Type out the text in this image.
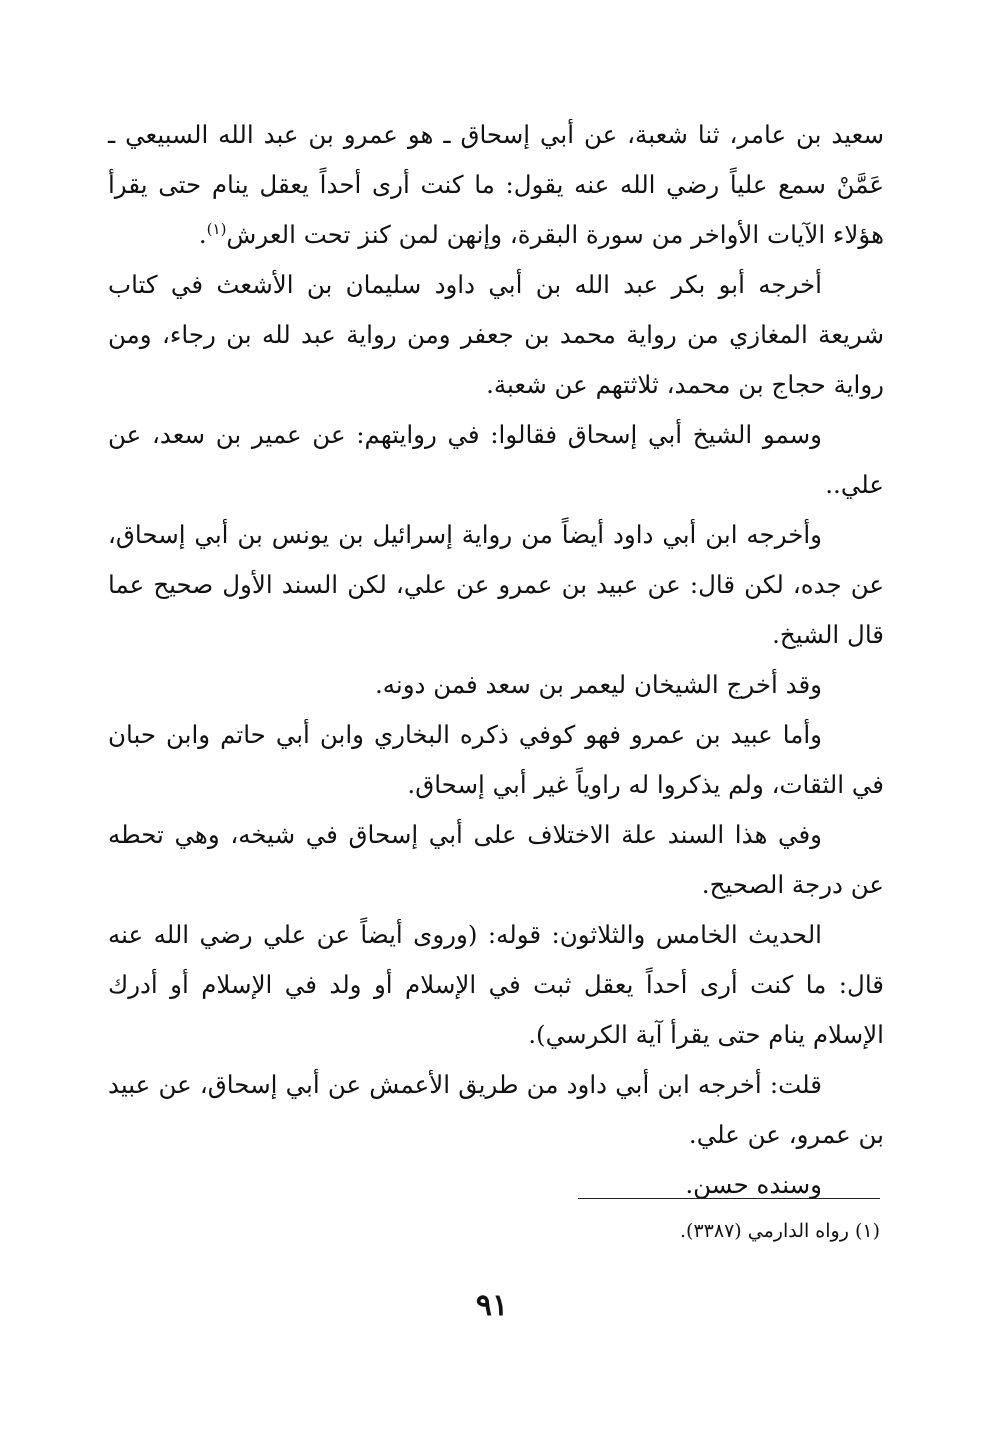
سعيد بن عامر، ثنا شعبة، عن أبي إسحاق ـ هو عمرو بن عبد الله السبيعي ـ عَمَّنْ سمع علياً رضي الله عنه يقول: ما كنت أرى أحداً يعقل ينام حتى يقرأ هؤلاء الآيات الأواخر من سورة البقرة، وإنهن لمن كنز تحت العرش$^{(١)}$.

أخرجه أبو بكر عبد الله بن أبي داود سليمان بن الأشعث في كتاب شريعة المغازي من رواية محمد بن جعفر ومن رواية عبد لله بن رجاء، ومن رواية حجاج بن محمد، ثلاثتهم عن شعبة.

وسمو الشيخ أبي إسحاق فقالوا: في روايتهم: عن عمير بن سعد، عن علي..

وأخرجه ابن أبي داود أيضاً من رواية إسرائيل بن يونس بن أبي إسحاق، عن جده، لكن قال: عن عبيد بن عمرو عن علي، لكن السند الأول صحيح عما قال الشيخ.

وقد أخرج الشيخان ليعمر بن سعد فمن دونه.

وأما عبيد بن عمرو فهو كوفي ذكره البخاري وابن أبي حاتم وابن حبان في الثقات، ولم يذكروا له راوياً غير أبي إسحاق.

وفي هذا السند علة الاختلاف على أبي إسحاق في شيخه، وهي تحطه عن درجة الصحيح.

الحديث الخامس والثلاثون: قوله: (وروى أيضاً عن علي رضي الله عنه قال: ما كنت أرى أحداً يعقل ثبت في الإسلام أو ولد في الإسلام أو أدرك الإسلام ينام حتى يقرأ آية الكرسي).

قلت: أخرجه ابن أبي داود من طريق الأعمش عن أبي إسحاق، عن عبيد بن عمرو، عن علي.

وسنده حسن.

(١) رواه الدارمي (٣٣٨٧).
٩١
